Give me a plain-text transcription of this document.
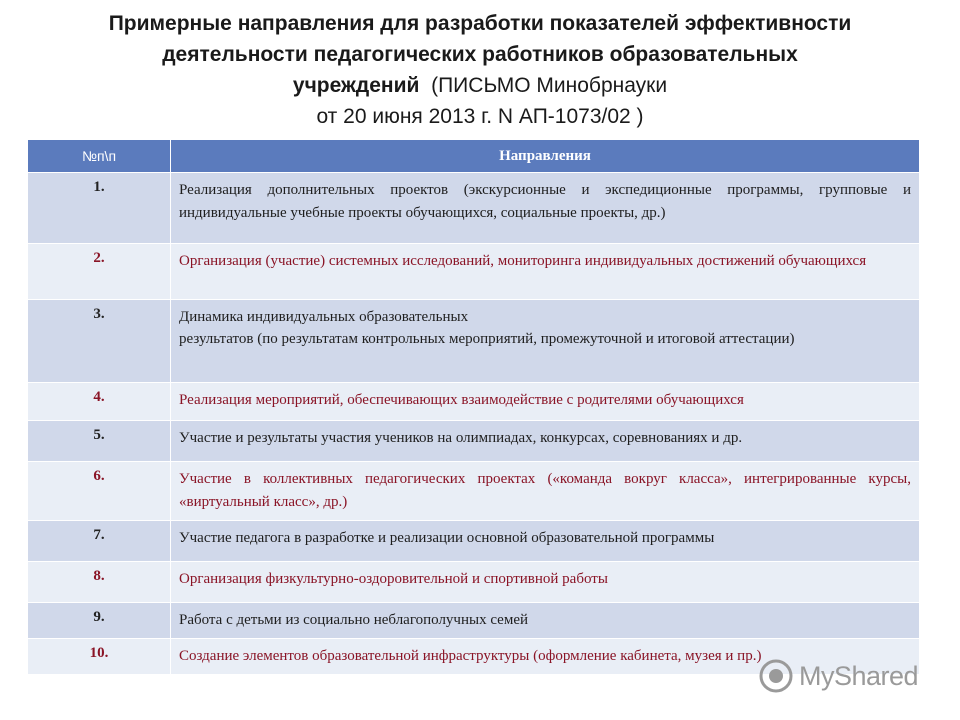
Примерные направления для разработки показателей эффективности
деятельности педагогических работников образовательных
учреждений (ПИСЬМО Минобрнауки
от 20 июня 2013 г. N АП-1073/02 )
№п\п	Направления
1.	Реализация дополнительных проектов (экскурсионные и экспедиционные программы, групповые и индивидуальные учебные проекты обучающихся, социальные проекты, др.)
2.	Организация (участие) системных исследований, мониторинга индивидуальных достижений обучающихся
3.	Динамика индивидуальных образовательных
результатов (по результатам контрольных мероприятий, промежуточной и итоговой аттестации)
4.	Реализация мероприятий, обеспечивающих взаимодействие с родителями обучающихся
5.	Участие и результаты участия учеников на олимпиадах, конкурсах, соревнованиях и др.
6.	Участие в коллективных педагогических проектах («команда вокруг класса», интегрированные курсы, «виртуальный класс», др.)
7.	Участие педагога в разработке и реализации основной образовательной программы
8.	Организация физкультурно-оздоровительной и спортивной работы
9.	Работа с детьми из социально неблагополучных семей
10.	Создание элементов образовательной инфраструктуры (оформление кабинета, музея и пр.)
MyShared
